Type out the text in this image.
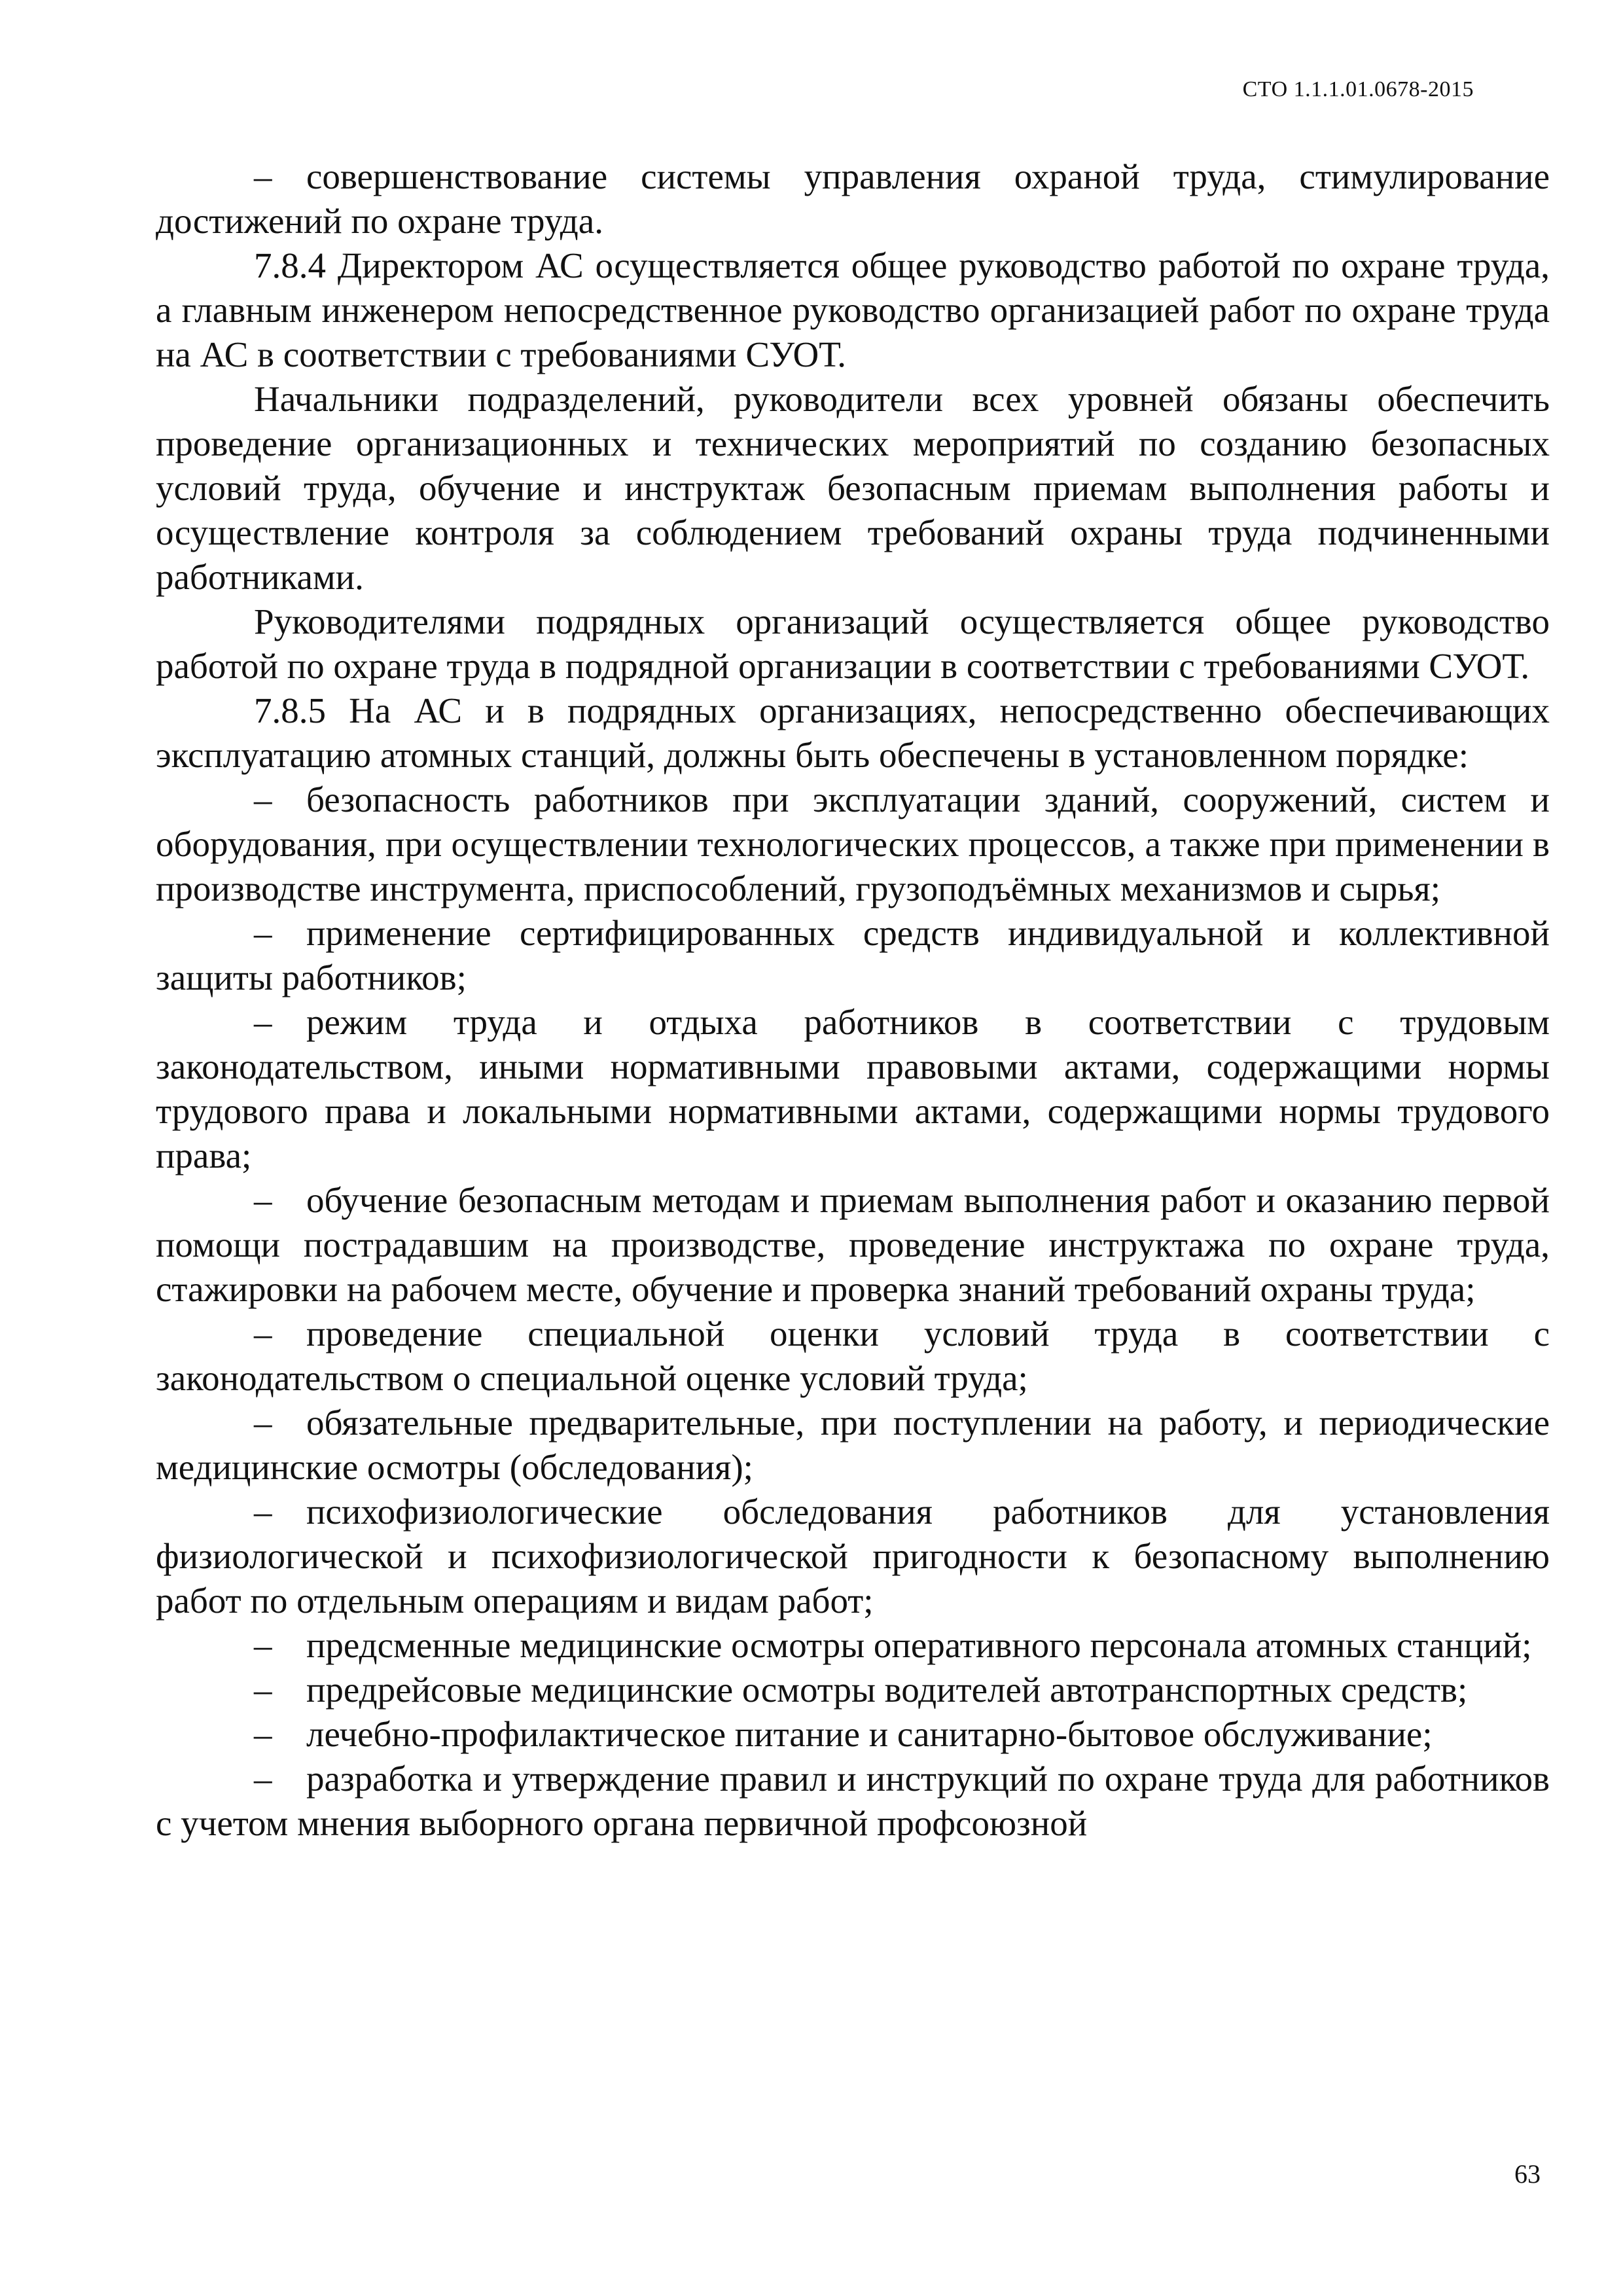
СТО 1.1.1.01.0678-2015

– совершенствование системы управления охраной труда, стимулирование достижений по охране труда.

7.8.4 Директором АС осуществляется общее руководство работой по охране труда, а главным инженером непосредственное руководство организацией работ по охране труда на АС в соответствии с требованиями СУОТ.

Начальники подразделений, руководители всех уровней обязаны обеспечить проведение организационных и технических мероприятий по созданию безопасных условий труда, обучение и инструктаж безопасным приемам выполнения работы и осуществление контроля за соблюдением требований охраны труда подчиненными работниками.

Руководителями подрядных организаций осуществляется общее руководство работой по охране труда в подрядной организации в соответствии с требованиями СУОТ.

7.8.5 На АС и в подрядных организациях, непосредственно обеспечивающих эксплуатацию атомных станций, должны быть обеспечены в установленном порядке:

– безопасность работников при эксплуатации зданий, сооружений, систем и оборудования, при осуществлении технологических процессов, а также при применении в производстве инструмента, приспособлений, грузоподъёмных механизмов и сырья;

– применение сертифицированных средств индивидуальной и коллективной защиты работников;

– режим труда и отдыха работников в соответствии с трудовым законодательством, иными нормативными правовыми актами, содержащими нормы трудового права и локальными нормативными актами, содержащими нормы трудового права;

– обучение безопасным методам и приемам выполнения работ и оказанию первой помощи пострадавшим на производстве, проведение инструктажа по охране труда, стажировки на рабочем месте, обучение и проверка знаний требований охраны труда;

– проведение специальной оценки условий труда в соответствии с законодательством о специальной оценке условий труда;

– обязательные предварительные, при поступлении на работу, и периодические медицинские осмотры (обследования);

– психофизиологические обследования работников для установления физиологической и психофизиологической пригодности к безопасному выполнению работ по отдельным операциям и видам работ;

– предсменные медицинские осмотры оперативного персонала атомных станций;

– предрейсовые медицинские осмотры водителей автотранспортных средств;

– лечебно-профилактическое питание и санитарно-бытовое обслуживание;

– разработка и утверждение правил и инструкций по охране труда для работников с учетом мнения выборного органа первичной профсоюзной

63
